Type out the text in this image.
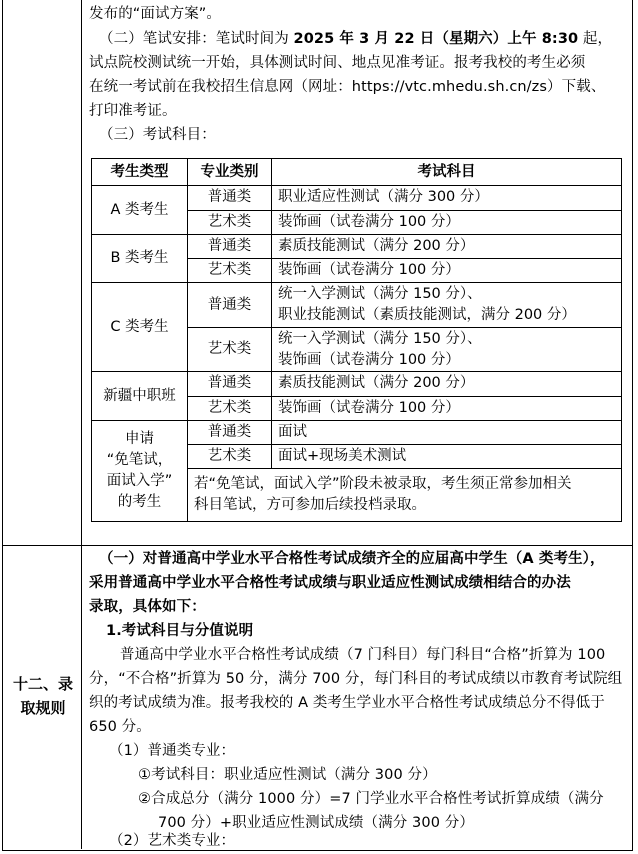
发布的“面试方案”。
（二）笔试安排：笔试时间为 2025 年 3 月 22 日（星期六）上午 8:30 起，
试点院校测试统一开始，具体测试时间、地点见准考证。报考我校的考生必须
在统一考试前在我校招生信息网（网址：https://vtc.mhedu.sh.cn/zs）下载、
打印准考证。
（三）考试科目：
考生类型	专业类别	考试科目
A 类考生	普通类	职业适应性测试（满分 300 分）
	艺术类	装饰画（试卷满分 100 分）
B 类考生	普通类	素质技能测试（满分 200 分）
	艺术类	装饰画（试卷满分 100 分）
C 类考生	普通类	统一入学测试（满分 150 分）、
职业技能测试（素质技能测试，满分 200 分）

	艺术类	统一入学测试（满分 150 分）、
装饰画（试卷满分 100 分）

新疆中职班	普通类	素质技能测试（满分 200 分）
	艺术类	装饰画（试卷满分 100 分）

申请
“免笔试，
面试入学”
的考生	普通类	面试
	艺术类	面试+现场美术测试

	若“免笔试，面试入学”阶段未被录取，考生须正常参加相关
科目笔试，方可参加后续投档录取。	
十二、录
取规则
（一）对普通高中学业水平合格性考试成绩齐全的应届高中学生（A 类考生），
采用普通高中学业水平合格性考试成绩与职业适应性测试成绩相结合的办法
录取，具体如下：
1.考试科目与分值说明
普通高中学业水平合格性考试成绩（7 门科目）每门科目“合格”折算为 100
分，“不合格”折算为 50 分，满分 700 分，每门科目的考试成绩以市教育考试院组
织的考试成绩为准。报考我校的 A 类考生学业水平合格性考试成绩总分不得低于
650 分。
（1）普通类专业：
①考试科目：职业适应性测试（满分 300 分）
②合成总分（满分 1000 分）=7 门学业水平合格性考试折算成绩（满分
700 分）+职业适应性测试成绩（满分 300 分）
（2）艺术类专业：
